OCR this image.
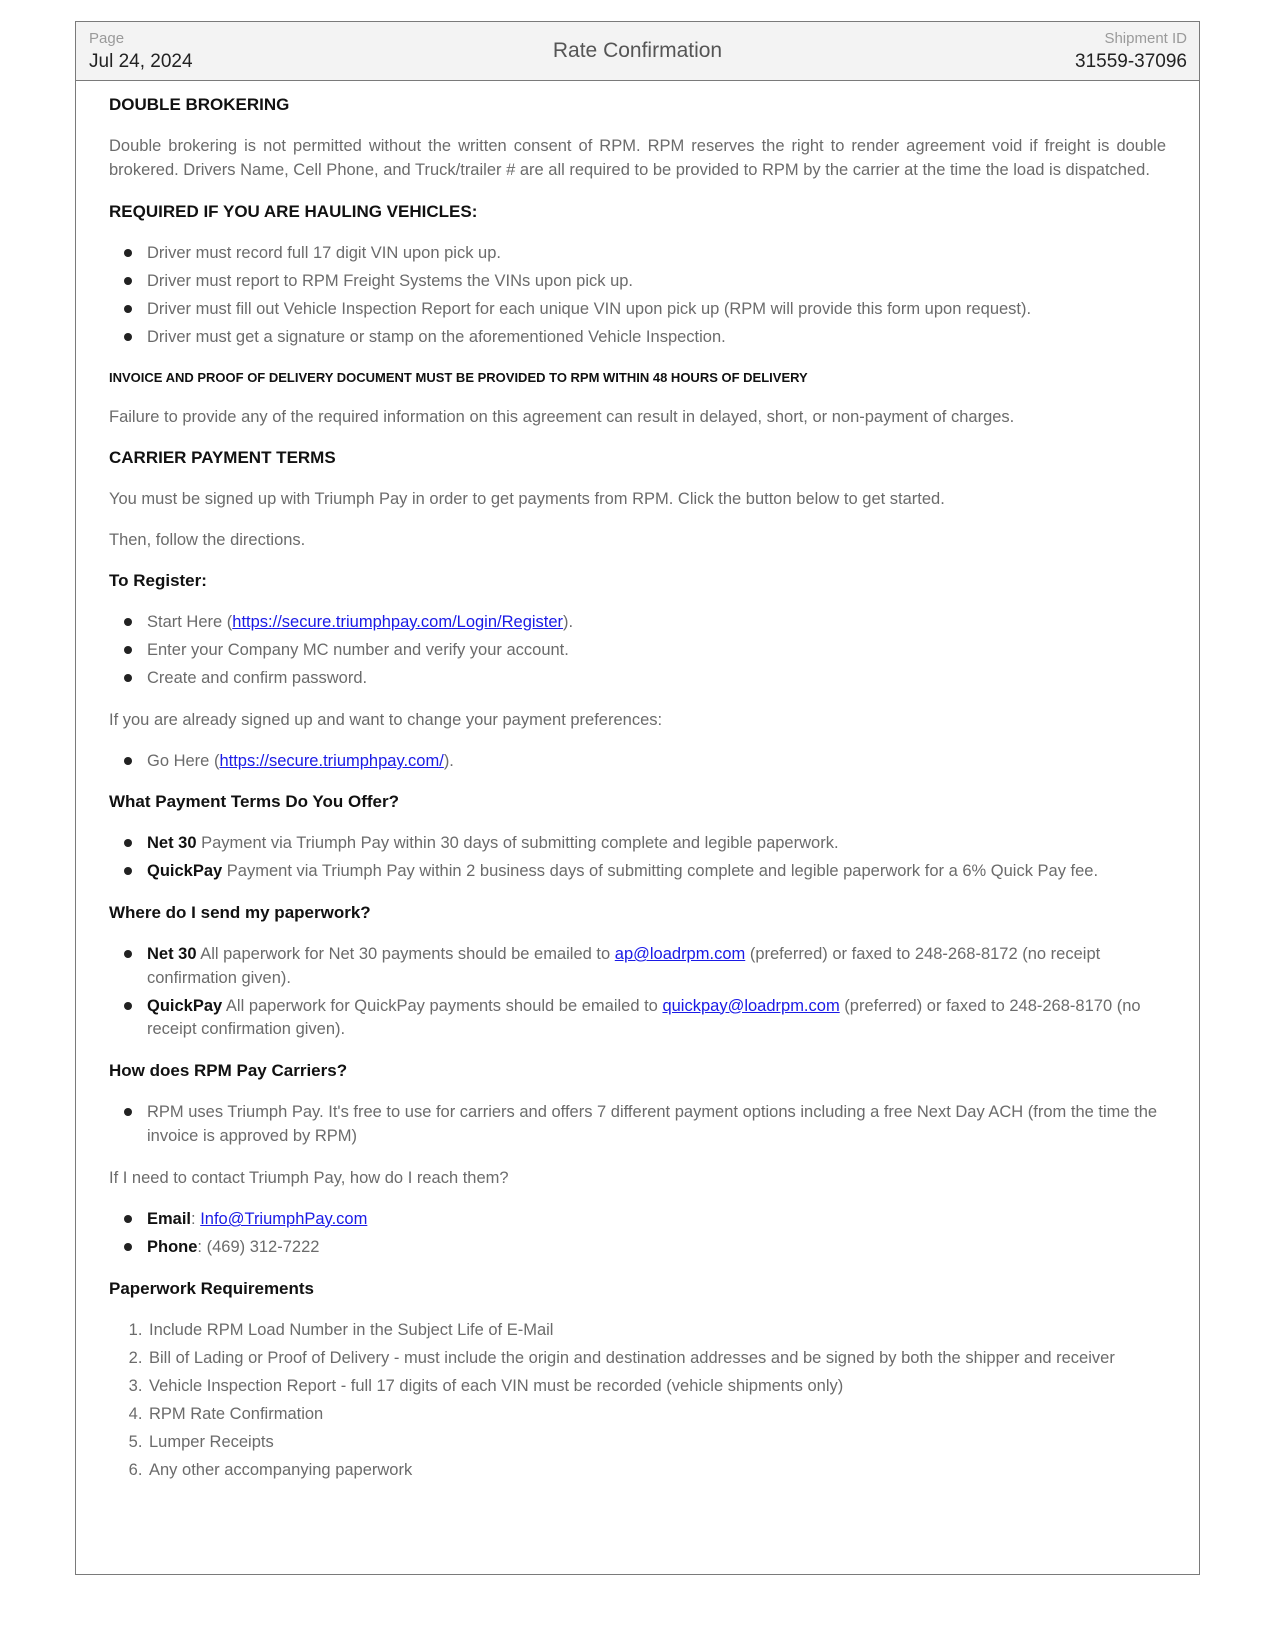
Page
Jul 24, 2024	Rate Confirmation
Shipment ID
31559-37096
DOUBLE BROKERING

Double brokering is not permitted without the written consent of RPM. RPM reserves the right to render agreement void if freight is double brokered. Drivers Name, Cell Phone, and Truck/trailer # are all required to be provided to RPM by the carrier at the time the load is dispatched.

REQUIRED IF YOU ARE HAULING VEHICLES:
Driver must record full 17 digit VIN upon pick up.
Driver must report to RPM Freight Systems the VINs upon pick up.
Driver must fill out Vehicle Inspection Report for each unique VIN upon pick up (RPM will provide this form upon request).
Driver must get a signature or stamp on the aforementioned Vehicle Inspection.
INVOICE AND PROOF OF DELIVERY DOCUMENT MUST BE PROVIDED TO RPM WITHIN 48 HOURS OF DELIVERY

Failure to provide any of the required information on this agreement can result in delayed, short, or non-payment of charges.

CARRIER PAYMENT TERMS

You must be signed up with Triumph Pay in order to get payments from RPM. Click the button below to get started.

Then, follow the directions.

To Register:
Start Here (https://secure.triumphpay.com/Login/Register).
Enter your Company MC number and verify your account.
Create and confirm password.

If you are already signed up and want to change your payment preferences:

Go Here (https://secure.triumphpay.com/).
What Payment Terms Do You Offer?
Net 30 Payment via Triumph Pay within 30 days of submitting complete and legible paperwork.
QuickPay Payment via Triumph Pay within 2 business days of submitting complete and legible paperwork for a 6% Quick Pay fee.
Where do I send my paperwork?
Net 30 All paperwork for Net 30 payments should be emailed to ap@loadrpm.com (preferred) or faxed to 248-268-8172 (no receipt confirmation given).
QuickPay All paperwork for QuickPay payments should be emailed to quickpay@loadrpm.com (preferred) or faxed to 248-268-8170 (no receipt confirmation given).
How does RPM Pay Carriers?
RPM uses Triumph Pay. It's free to use for carriers and offers 7 different payment options including a free Next Day ACH (from the time the invoice is approved by RPM)

If I need to contact Triumph Pay, how do I reach them?

Email: Info@TriumphPay.com
Phone: (469) 312-7222
Paperwork Requirements
1. Include RPM Load Number in the Subject Life of E-Mail
2. Bill of Lading or Proof of Delivery - must include the origin and destination addresses and be signed by both the shipper and receiver
3. Vehicle Inspection Report - full 17 digits of each VIN must be recorded (vehicle shipments only)
4. RPM Rate Confirmation
5. Lumper Receipts
6. Any other accompanying paperwork
